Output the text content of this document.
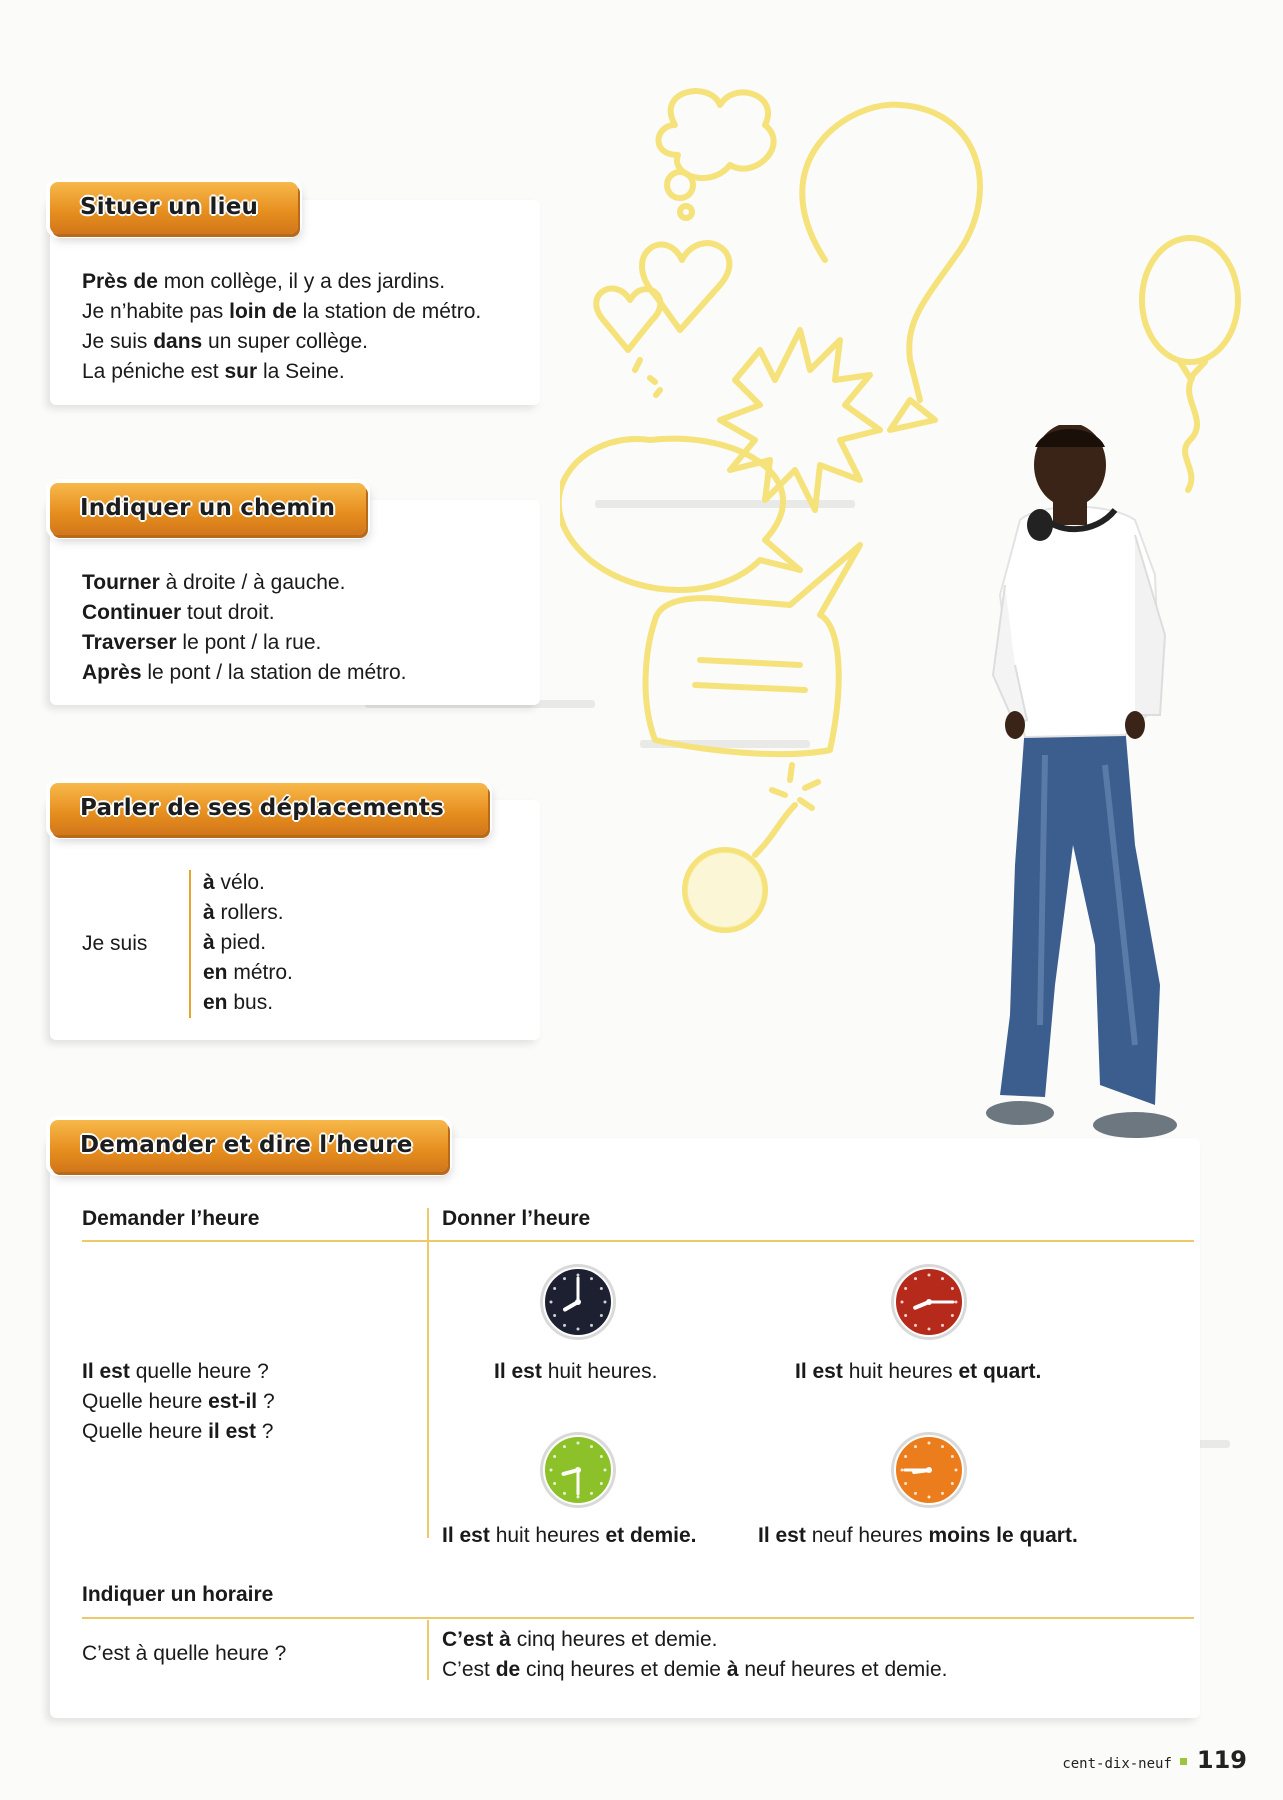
Situer un lieu
Près de mon collège, il y a des jardins.
Je n’habite pas loin de la station de métro.
Je suis dans un super collège.
La péniche est sur la Seine.
Indiquer un chemin
Tourner à droite / à gauche.
Continuer tout droit.
Traverser le pont / la rue.
Après le pont / la station de métro.
Parler de ses déplacements
Je suis
à vélo.
à rollers.
à pied.
en métro.
en bus.
Demander et dire l’heure
Demander l’heure	Donner l’heure
Il est quelle heure ?
Quelle heure est-il ?
Quelle heure il est ?
Il est huit heures.	Il est huit heures et quart.
Il est huit heures et demie.	Il est neuf heures moins le quart.
Indiquer un horaire
C’est à quelle heure ?
C’est à cinq heures et demie.
C’est de cinq heures et demie à neuf heures et demie.
cent-dix-neuf 119
